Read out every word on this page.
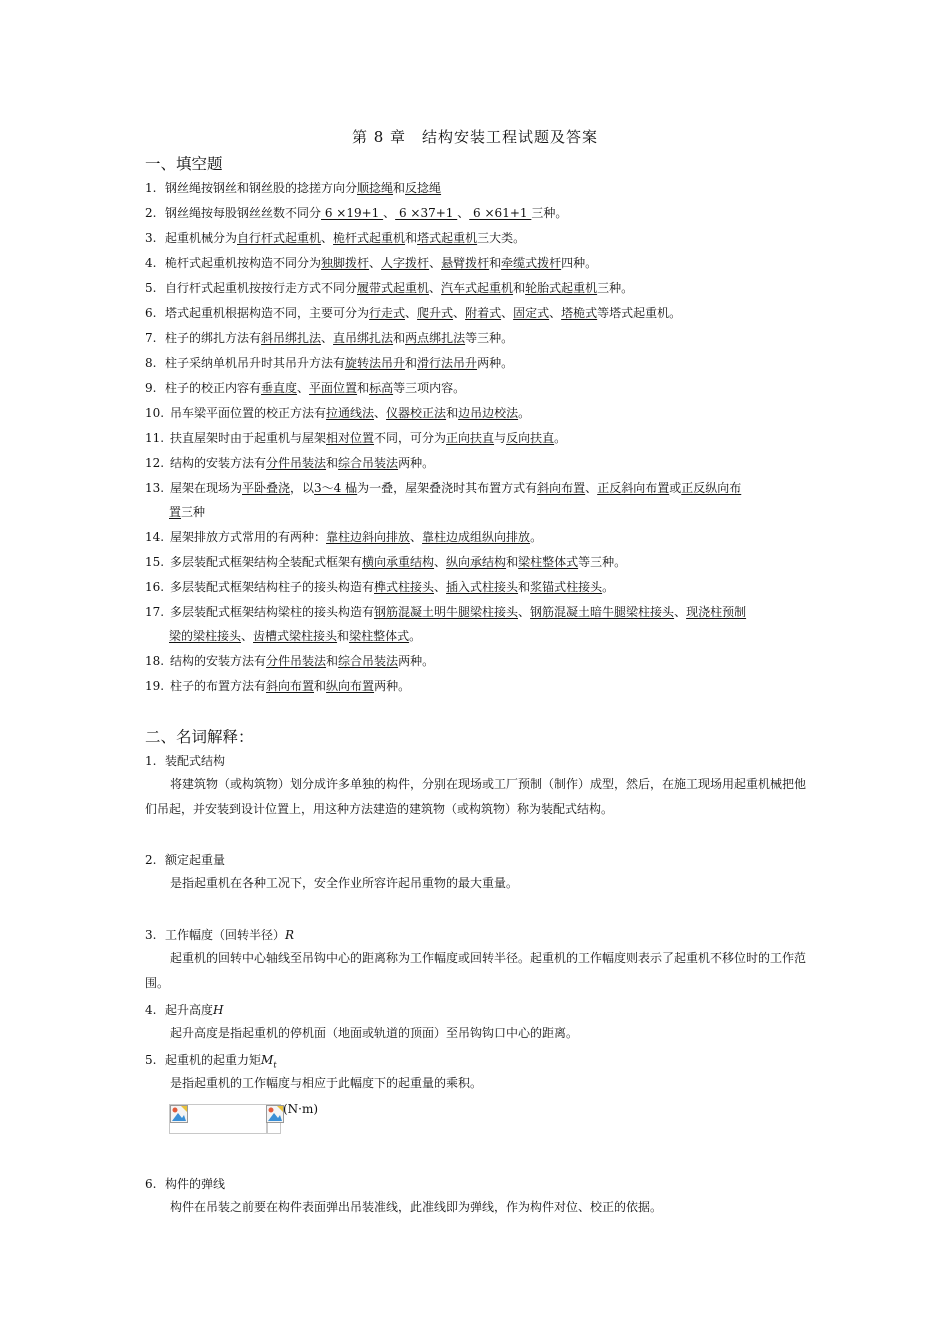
第 8 章　结构安装工程试题及答案
一、填空题
1. 钢丝绳按钢丝和钢丝股的捻搓方向分顺捻绳和反捻绳
2. 钢丝绳按每股钢丝丝数不同分 6 ×19+1 、 6 ×37+1 、 6 ×61+1 三种。
3. 起重机械分为自行杆式起重机、桅杆式起重机和塔式起重机三大类。
4. 桅杆式起重机按构造不同分为独脚拨杆、人字拨杆、悬臂拨杆和牵缆式拨杆四种。
5. 自行杆式起重机按按行走方式不同分履带式起重机、汽车式起重机和轮胎式起重机三种。
6. 塔式起重机根据构造不同，主要可分为行走式、爬升式、附着式、固定式、塔桅式等塔式起重机。
7. 柱子的绑扎方法有斜吊绑扎法、直吊绑扎法和两点绑扎法等三种。
8. 柱子采纳单机吊升时其吊升方法有旋转法吊升和滑行法吊升两种。
9. 柱子的校正内容有垂直度、平面位置和标高等三项内容。
10. 吊车梁平面位置的校正方法有拉通线法、仪器校正法和边吊边校法。
11. 扶直屋架时由于起重机与屋架相对位置不同，可分为正向扶直与反向扶直。
12. 结构的安装方法有分件吊装法和综合吊装法两种。
13. 屋架在现场为平卧叠浇，以3～4 榀为一叠，屋架叠浇时其布置方式有斜向布置、正反斜向布置或正反纵向布
置三种
14. 屋架排放方式常用的有两种：靠柱边斜向排放、靠柱边成组纵向排放。
15. 多层装配式框架结构全装配式框架有横向承重结构、纵向承结构和梁柱整体式等三种。
16. 多层装配式框架结构柱子的接头构造有榫式柱接头、插入式柱接头和浆锚式柱接头。
17. 多层装配式框架结构梁柱的接头构造有钢筋混凝土明牛腿梁柱接头、钢筋混凝土暗牛腿梁柱接头、现浇柱预制
梁的梁柱接头、齿槽式梁柱接头和梁柱整体式。
18. 结构的安装方法有分件吊装法和综合吊装法两种。
19. 柱子的布置方法有斜向布置和纵向布置两种。
二、名词解释：
1. 装配式结构
将建筑物（或构筑物）划分成许多单独的构件，分别在现场或工厂预制（制作）成型，然后，在施工现场用起重机械把他们吊起，并安装到设计位置上，用这种方法建造的建筑物（或构筑物）称为装配式结构。
2. 额定起重量
是指起重机在各种工况下，安全作业所容许起吊重物的最大重量。
3. 工作幅度（回转半径）R
起重机的回转中心轴线至吊钩中心的距离称为工作幅度或回转半径。起重机的工作幅度则表示了起重机不移位时的工作范围。
4. 起升高度H
起升高度是指起重机的停机面（地面或轨道的顶面）至吊钩钩口中心的距离。
5. 起重机的起重力矩$M_t$
是指起重机的工作幅度与相应于此幅度下的起重量的乘积。
(N·m)
6. 构件的弹线
构件在吊装之前要在构件表面弹出吊装准线，此准线即为弹线，作为构件对位、校正的依据。
